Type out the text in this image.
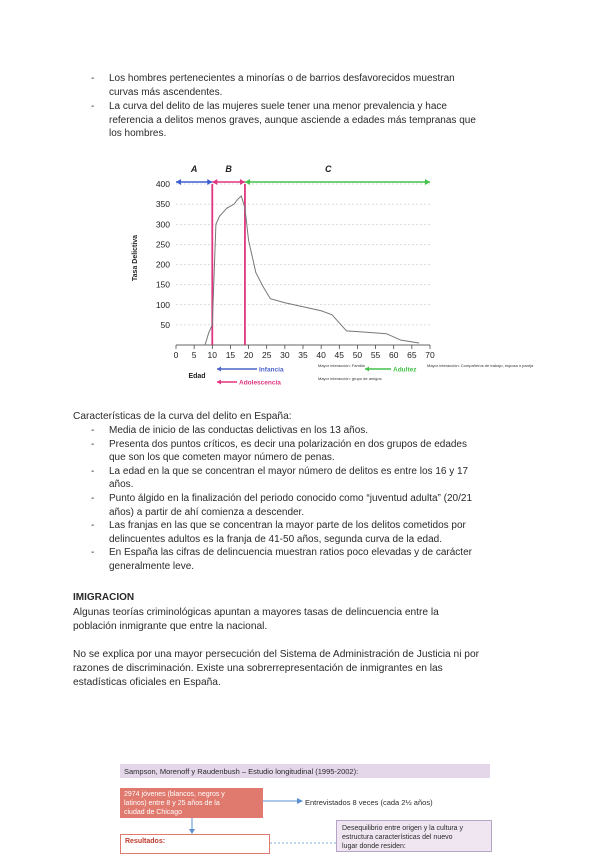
- Los hombres pertenecientes a minorías o de barrios desfavorecidos muestran
curvas más ascendentes.
- La curva del delito de las mujeres suele tener una menor prevalencia y hace
referencia a delitos menos graves, aunque asciende a edades más tempranas que
los hombres.
A	B	C
50
100
150
200
250
300
350
400
0 5 10 15 20 25 30 35 40 45 50 55 60 65 70
Tasa Delictiva
Edad
Infancia
Adolescencia
Adultez
Mayor interacción: Familia
Mayor interacción: grupo de amigos
Mayor interacción: Compañeros de trabajo, esposa o pareja
Características de la curva del delito en España:
- Media de inicio de las conductas delictivas en los 13 años.
- Presenta dos puntos críticos, es decir una polarización en dos grupos de edades
que son los que cometen mayor número de penas.
- La edad en la que se concentran el mayor número de delitos es entre los 16 y 17
años.
- Punto álgido en la finalización del periodo conocido como “juventud adulta” (20/21
años) a partir de ahí comienza a descender.
- Las franjas en las que se concentran la mayor parte de los delitos cometidos por
delincuentes adultos es la franja de 41-50 años, segunda curva de la edad.
- En España las cifras de delincuencia muestran ratios poco elevadas y de carácter
generalmente leve.
IMIGRACION
Algunas teorías criminológicas apuntan a mayores tasas de delincuencia entre la
población inmigrante que entre la nacional.
No se explica por una mayor persecución del Sistema de Administración de Justicia ni por
razones de discriminación. Existe una sobrerrepresentación de inmigrantes en las
estadísticas oficiales en España.
Sampson, Morenoff y Raudenbush – Estudio longitudinal (1995-2002):
2974 jóvenes (blancos, negros y
latinos) entre 8 y 25 años de la
ciudad de Chicago
Entrevistados 8 veces (cada 2½ años)
Resultados:
Desequilibrio entre origen y la cultura y
estructura características del nuevo
lugar donde residen:
